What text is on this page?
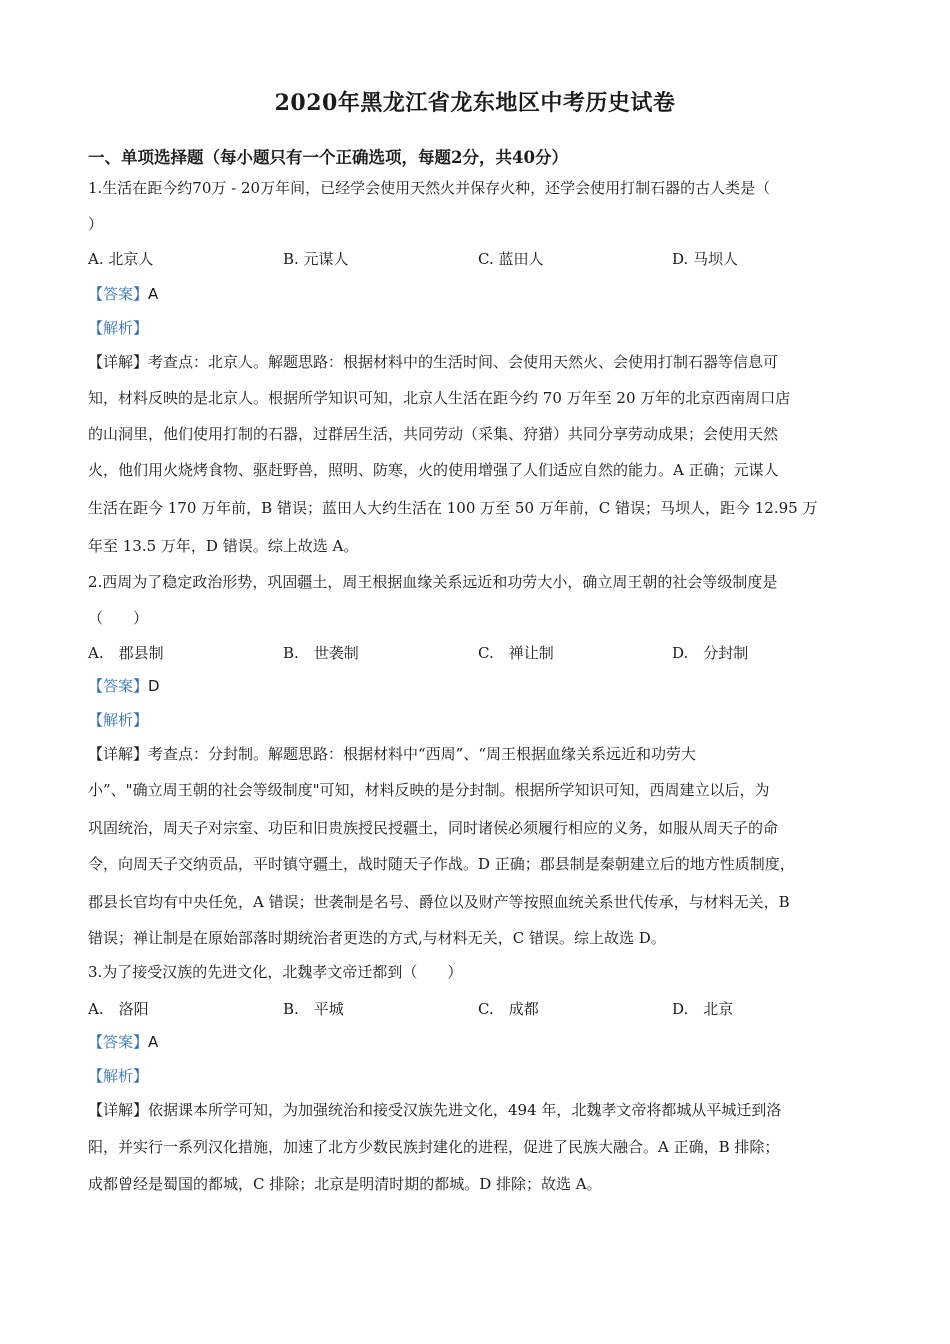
2020年黑龙江省龙东地区中考历史试卷
一、单项选择题（每小题只有一个正确选项，每题2分，共40分）
1.生活在距今约70万 - 20万年间，已经学会使用天然火并保存火种，还学会使用打制石器的古人类是（
）
A. 北京人	B. 元谋人	C. 蓝田人	D. 马坝人
【答案】A
【解析】
【详解】考查点：北京人。解题思路：根据材料中的生活时间、会使用天然火、会使用打制石器等信息可
知，材料反映的是北京人。根据所学知识可知，北京人生活在距今约 70 万年至 20 万年的北京西南周口店
的山洞里，他们使用打制的石器，过群居生活，共同劳动（采集、狩猎）共同分享劳动成果；会使用天然
火，他们用火烧烤食物、驱赶野兽，照明、防寒，火的使用增强了人们适应自然的能力。A 正确；元谋人
生活在距今 170 万年前，B 错误；蓝田人大约生活在 100 万至 50 万年前，C 错误；马坝人，距今 12.95 万
年至 13.5 万年，D 错误。综上故选 A。
2.西周为了稳定政治形势，巩固疆土，周王根据血缘关系远近和功劳大小，确立周王朝的社会等级制度是
（　　）
A.　郡县制	B.　世袭制	C.　禅让制	D.　分封制
【答案】D
【解析】
【详解】考查点：分封制。解题思路：根据材料中“西周”、“周王根据血缘关系远近和功劳大
小”、"确立周王朝的社会等级制度"可知，材料反映的是分封制。根据所学知识可知，西周建立以后，为
巩固统治，周天子对宗室、功臣和旧贵族授民授疆土，同时诸侯必须履行相应的义务，如服从周天子的命
令，向周天子交纳贡品，平时镇守疆土，战时随天子作战。D 正确；郡县制是秦朝建立后的地方性质制度，
郡县长官均有中央任免，A 错误；世袭制是名号、爵位以及财产等按照血统关系世代传承，与材料无关，B
错误；禅让制是在原始部落时期统治者更迭的方式,与材料无关，C 错误。综上故选 D。
3.为了接受汉族的先进文化，北魏孝文帝迁都到（　　）
A.　洛阳	B.　平城	C.　成都	D.　北京
【答案】A
【解析】
【详解】依据课本所学可知，为加强统治和接受汉族先进文化，494 年，北魏孝文帝将都城从平城迁到洛
阳，并实行一系列汉化措施，加速了北方少数民族封建化的进程，促进了民族大融合。A 正确，B 排除；
成都曾经是蜀国的都城，C 排除；北京是明清时期的都城。D 排除；故选 A。
